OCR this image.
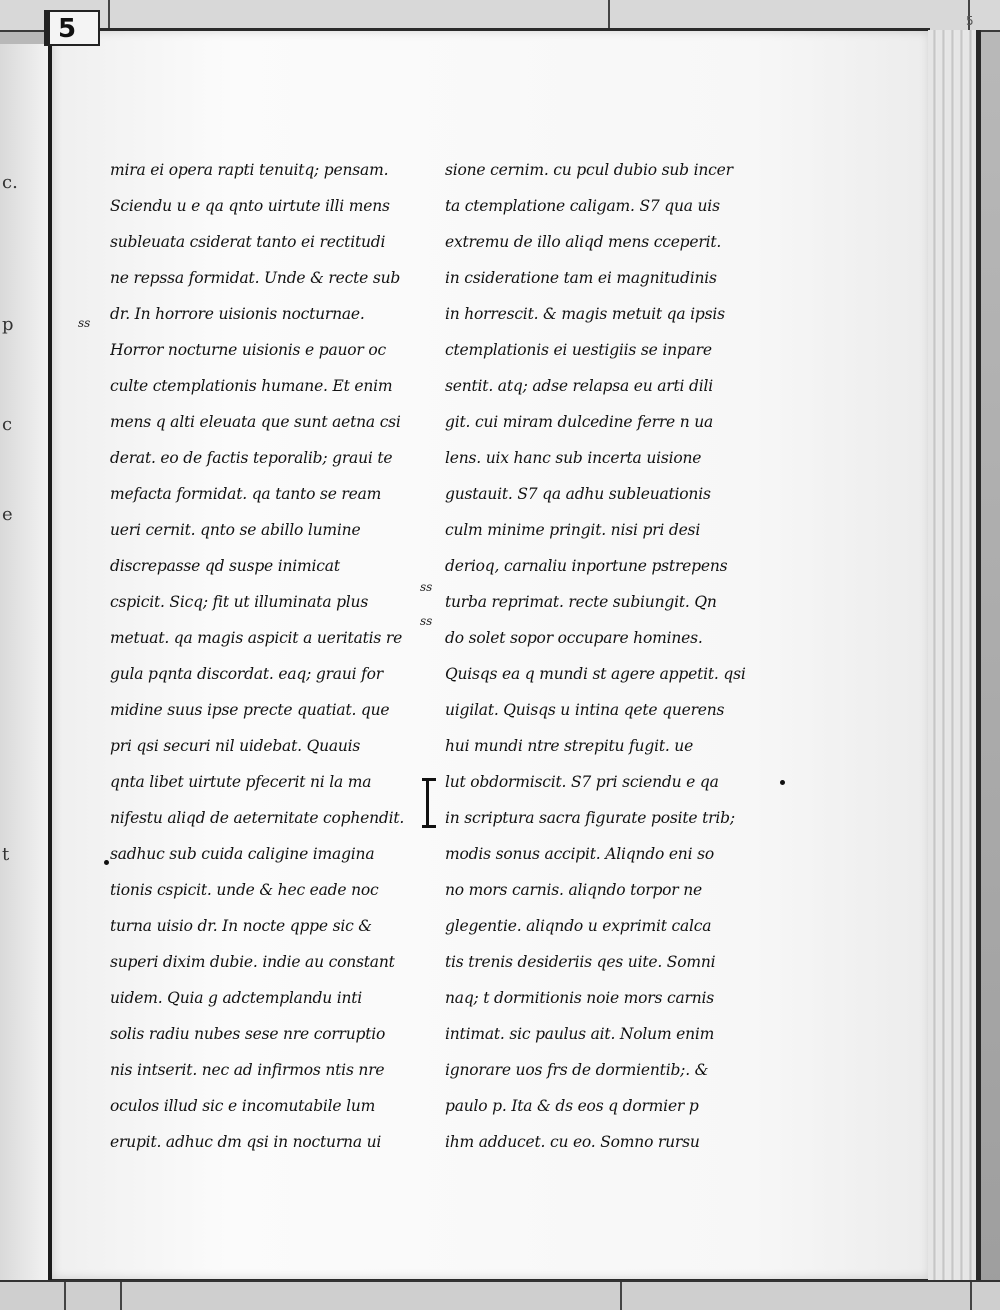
c.
p
c
e
t
5	5
mira ei opera rapti tenuitq; pensam.
Sciendu u e qa qnto uirtute illi mens
subleuata csiderat tanto ei rectitudi
ne repssa formidat. Unde & recte sub
dr. In horrore uisionis nocturnae.
Horror nocturne uisionis e pauor oc
culte ctemplationis humane. Et enim
mens q alti eleuata que sunt aetna csi
derat. eo de factis teporalib; graui te
mefacta formidat. qa tanto se ream
ueri cernit. qnto se abillo lumine
discrepasse qd suspe inimicat
cspicit. Sicq; fit ut illuminata plus
metuat. qa magis aspicit a ueritatis re
gula pqnta discordat. eaq; graui for
midine suus ipse precte quatiat. que
pri qsi securi nil uidebat. Quauis
qnta libet uirtute pfecerit ni la ma
nifestu aliqd de aeternitate cophendit.
sadhuc sub cuida caligine imagina
tionis cspicit. unde & hec eade noc
turna uisio dr. In nocte qppe sic &
superi dixim dubie. indie au constant
uidem. Quia g adctemplandu inti
solis radiu nubes sese nre corruptio
nis intserit. nec ad infirmos ntis nre
oculos illud sic e incomutabile lum
erupit. adhuc dm qsi in nocturna ui
sione cernim. cu pcul dubio sub incer
ta ctemplatione caligam. S7 qua uis
extremu de illo aliqd mens cceperit.
in csideratione tam ei magnitudinis
in horrescit. & magis metuit qa ipsis
ctemplationis ei uestigiis se inpare
sentit. atq; adse relapsa eu arti dili
git. cui miram dulcedine ferre n ua
lens. uix hanc sub incerta uisione
gustauit. S7 qa adhu subleuationis
culm minime pringit. nisi pri desi
derioq, carnaliu inportune pstrepens
turba reprimat. recte subiungit. Qn
do solet sopor occupare homines.
Quisqs ea q mundi st agere appetit. qsi
uigilat. Quisqs u intina qete querens
hui mundi ntre strepitu fugit. ue
lut obdormiscit. S7 pri sciendu e qa
in scriptura sacra figurate posite trib;
modis sonus accipit. Aliqndo eni so
no mors carnis. aliqndo torpor ne
glegentie. aliqndo u exprimit calca
tis trenis desideriis qes uite. Somni
naq; t dormitionis noie mors carnis
intimat. sic paulus ait. Nolum enim
ignorare uos frs de dormientib;. &
paulo p. Ita & ds eos q dormier p
ihm adducet. cu eo. Somno rursu
ss
ss
ss
